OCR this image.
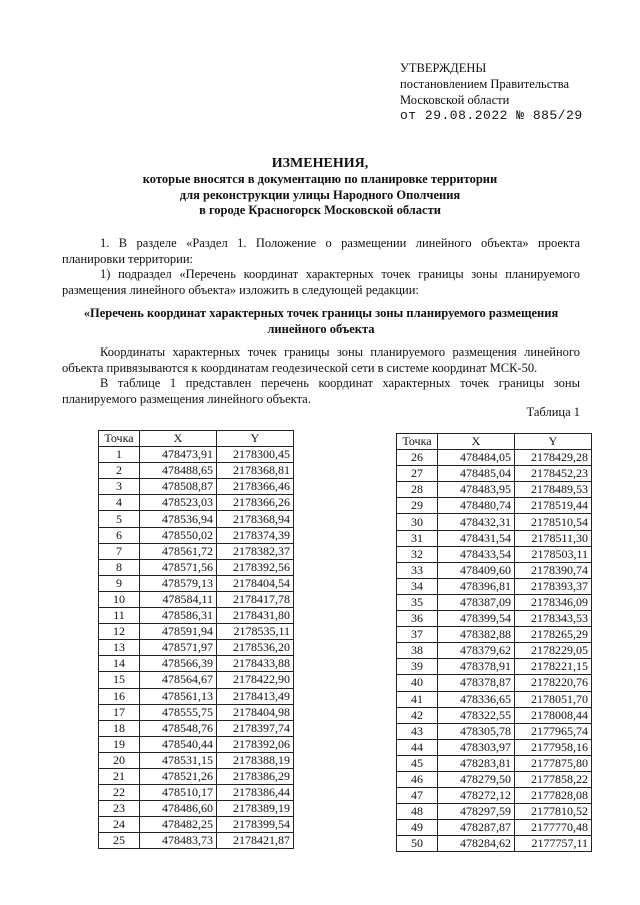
УТВЕРЖДЕНЫ
постановлением Правительства
Московской области
от 29.08.2022 № 885/29
ИЗМЕНЕНИЯ,
которые вносятся в документацию по планировке территории
для реконструкции улицы Народного Ополчения
в городе Красногорск Московской области
1. В разделе «Раздел 1. Положение о размещении линейного объекта» проекта планировки территории:
1) подраздел «Перечень координат характерных точек границы зоны планируемого размещения линейного объекта» изложить в следующей редакции:
«Перечень координат характерных точек границы зоны планируемого размещения линейного объекта
Координаты характерных точек границы зоны планируемого размещения линейного объекта привязываются к координатам геодезической сети в системе координат МСК-50.
В таблице 1 представлен перечень координат характерных точек границы зоны планируемого размещения линейного объекта.
Таблица 1
Точка	X	Y
1	478473,91	2178300,45
2	478488,65	2178368,81
3	478508,87	2178366,46
4	478523,03	2178366,26
5	478536,94	2178368,94
6	478550,02	2178374,39
7	478561,72	2178382,37
8	478571,56	2178392,56
9	478579,13	2178404,54
10	478584,11	2178417,78
11	478586,31	2178431,80
12	478591,94	2178535,11
13	478571,97	2178536,20
14	478566,39	2178433,88
15	478564,67	2178422,90
16	478561,13	2178413,49
17	478555,75	2178404,98
18	478548,76	2178397,74
19	478540,44	2178392,06
20	478531,15	2178388,19
21	478521,26	2178386,29
22	478510,17	2178386,44
23	478486,60	2178389,19
24	478482,25	2178399,54
25	478483,73	2178421,87
Точка	X	Y
26	478484,05	2178429,28
27	478485,04	2178452,23
28	478483,95	2178489,53
29	478480,74	2178519,44
30	478432,31	2178510,54
31	478431,54	2178511,30
32	478433,54	2178503,11
33	478409,60	2178390,74
34	478396,81	2178393,37
35	478387,09	2178346,09
36	478399,54	2178343,53
37	478382,88	2178265,29
38	478379,62	2178229,05
39	478378,91	2178221,15
40	478378,87	2178220,76
41	478336,65	2178051,70
42	478322,55	2178008,44
43	478305,78	2177965,74
44	478303,97	2177958,16
45	478283,81	2177875,80
46	478279,50	2177858,22
47	478272,12	2177828,08
48	478297,59	2177810,52
49	478287,87	2177770,48
50	478284,62	2177757,11
